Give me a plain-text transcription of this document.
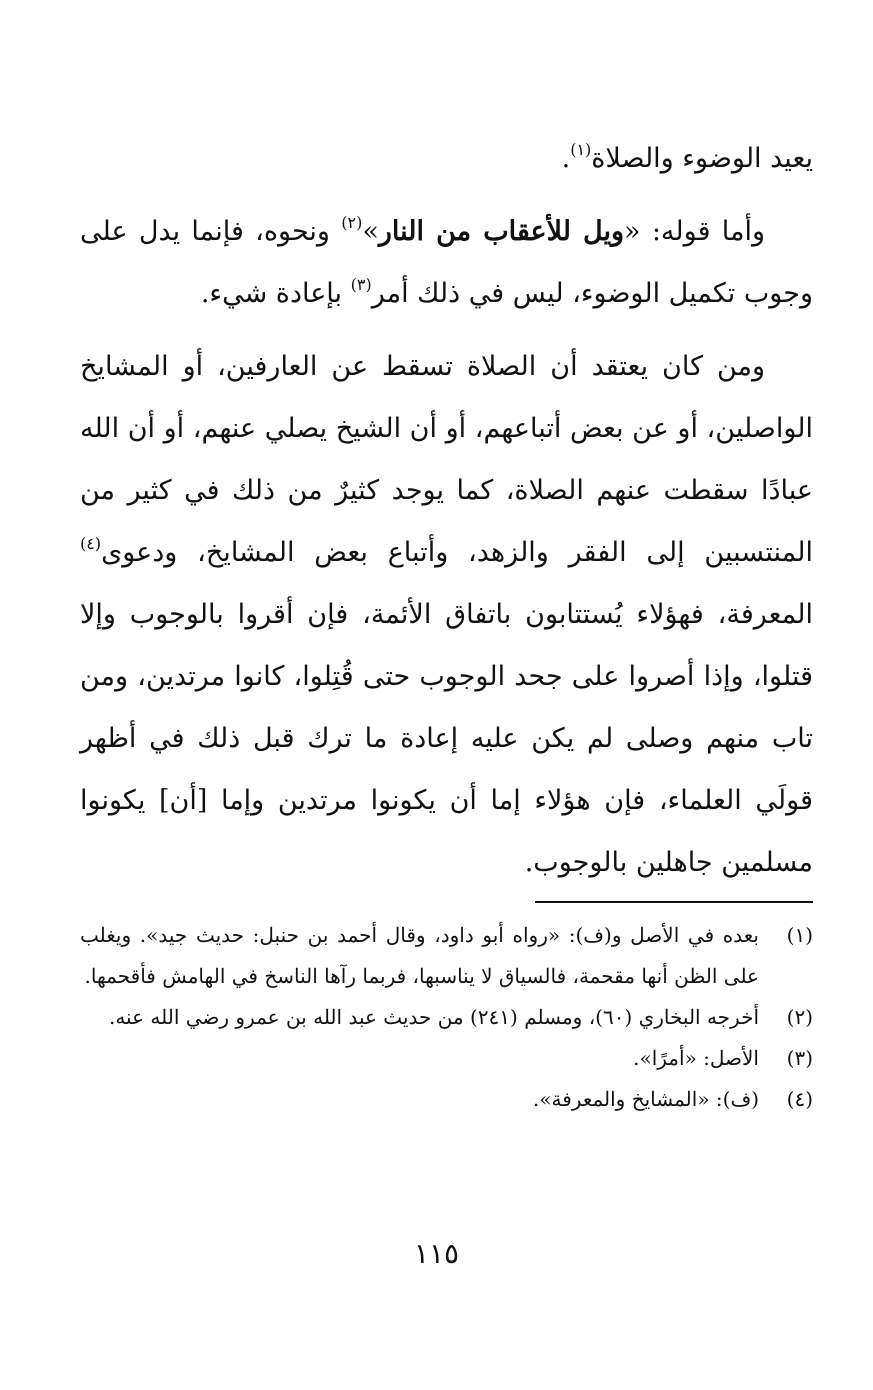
يعيد الوضوء والصلاة$^{(١)}$.

وأما قوله: «ويل للأعقاب من النار»$^{(٢)}$ ونحوه، فإنما يدل على وجوب تكميل الوضوء، ليس في ذلك أمر$^{(٣)}$ بإعادة شيء.

ومن كان يعتقد أن الصلاة تسقط عن العارفين، أو المشايخ الواصلين، أو عن بعض أتباعهم، أو أن الشيخ يصلي عنهم، أو أن الله عبادًا سقطت عنهم الصلاة، كما يوجد كثيرٌ من ذلك في كثير من المنتسبين إلى الفقر والزهد، وأتباع بعض المشايخ، ودعوى$^{(٤)}$ المعرفة، فهؤلاء يُستتابون باتفاق الأئمة، فإن أقروا بالوجوب وإلا قتلوا، وإذا أصروا على جحد الوجوب حتى قُتِلوا، كانوا مرتدين، ومن تاب منهم وصلى لم يكن عليه إعادة ما ترك قبل ذلك في أظهر قولَي العلماء، فإن هؤلاء إما أن يكونوا مرتدين وإما [أن] يكونوا مسلمين جاهلين بالوجوب.

(١)
بعده في الأصل و(ف): «رواه أبو داود، وقال أحمد بن حنبل: حديث جيد». ويغلب على الظن أنها مقحمة، فالسياق لا يناسبها، فربما رآها الناسخ في الهامش فأقحمها.

(٢)
أخرجه البخاري (٦٠)، ومسلم (٢٤١) من حديث عبد الله بن عمرو رضي الله عنه.

(٣)
الأصل: «أمرًا».

(٤)
(ف): «المشايخ والمعرفة».

١١٥
